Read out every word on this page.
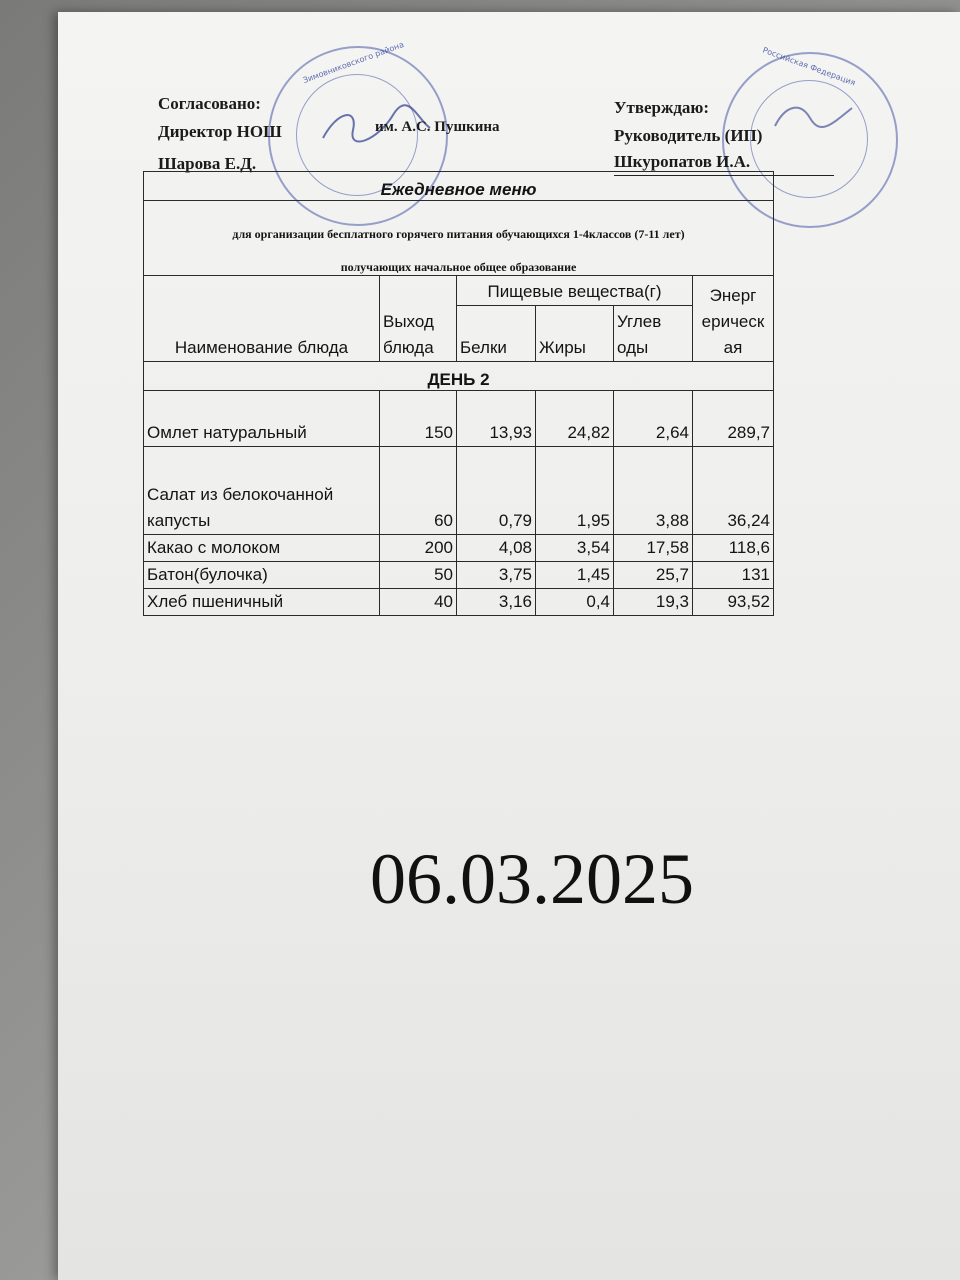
Зимовниковского района	Российская Федерация
Согласовано:
Директор НОШ	им. А.С. Пушкина
Шарова Е.Д.
Утверждаю:
Руководитель (ИП)
Шкуропатов И.А.
Ежедневное меню					

для организации бесплатного горячего питания обучающихся 1-4классов (7-11 лет)
получающих начальное общее образование					

Наименование блюда	Выход блюда	Пищевые вещества(г)			Энерг ерическ ая
		Белки	Жиры	Углев оды	
ДЕНЬ 2					
Омлет натуральный	150	13,93	24,82	2,64	289,7
Салат из белокочанной капусты	60	0,79	1,95	3,88	36,24
Какао с молоком	200	4,08	3,54	17,58	118,6
Батон(булочка)	50	3,75	1,45	25,7	131
Хлеб пшеничный	40	3,16	0,4	19,3	93,52
06.03.2025
